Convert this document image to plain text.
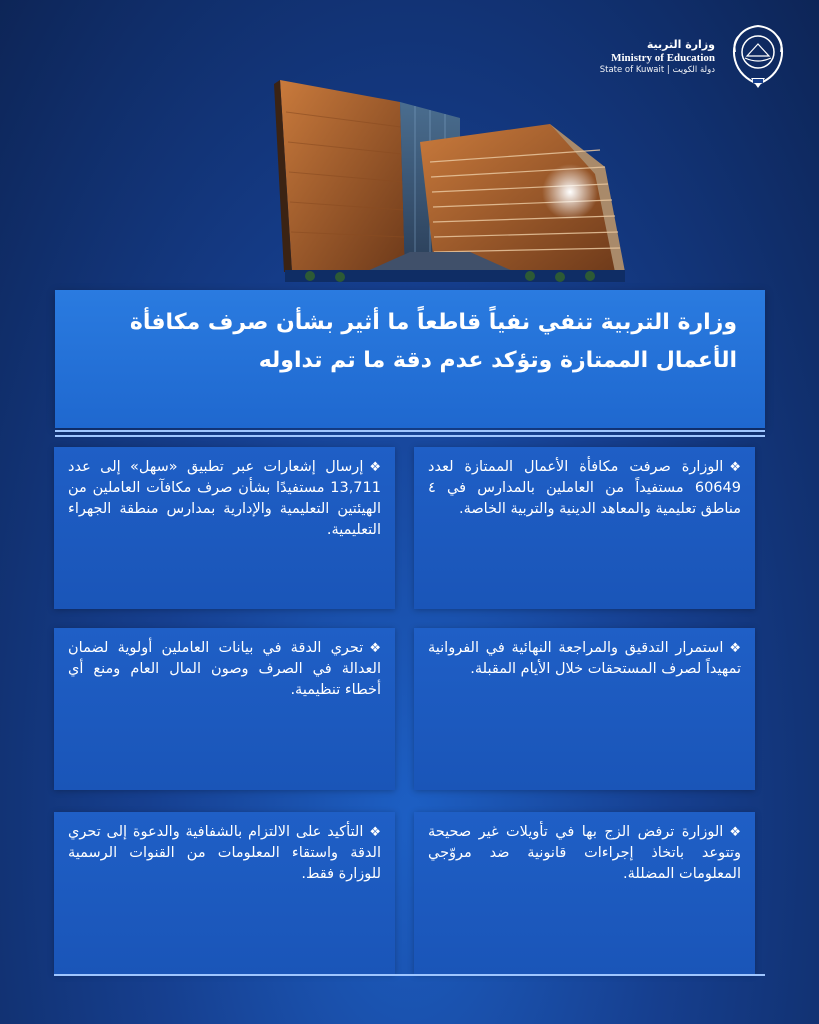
وزارة التربية
Ministry of Education
State of Kuwait | دولة الكويت
وزارة التربية تنفي نفياً قاطعاً ما أثير بشأن صرف مكافأة الأعمال الممتازة وتؤكد عدم دقة ما تم تداوله
❖الوزارة صرفت مكافأة الأعمال الممتازة لعدد 60649 مستفيداً من العاملين بالمدارس في ٤ مناطق تعليمية والمعاهد الدينية والتربية الخاصة.
❖إرسال إشعارات عبر تطبيق «سهل» إلى عدد 13,711 مستفيدًا بشأن صرف مكافآت العاملين من الهيئتين التعليمية والإدارية بمدارس منطقة الجهراء التعليمية.
❖استمرار التدقيق والمراجعة النهائية في الفروانية تمهيداً لصرف المستحقات خلال الأيام المقبلة.
❖تحري الدقة في بيانات العاملين أولوية لضمان العدالة في الصرف وصون المال العام ومنع أي أخطاء تنظيمية.
❖الوزارة ترفض الزج بها في تأويلات غير صحيحة وتتوعد باتخاذ إجراءات قانونية ضد مروّجي المعلومات المضللة.
❖التأكيد على الالتزام بالشفافية والدعوة إلى تحري الدقة واستقاء المعلومات من القنوات الرسمية للوزارة فقط.
